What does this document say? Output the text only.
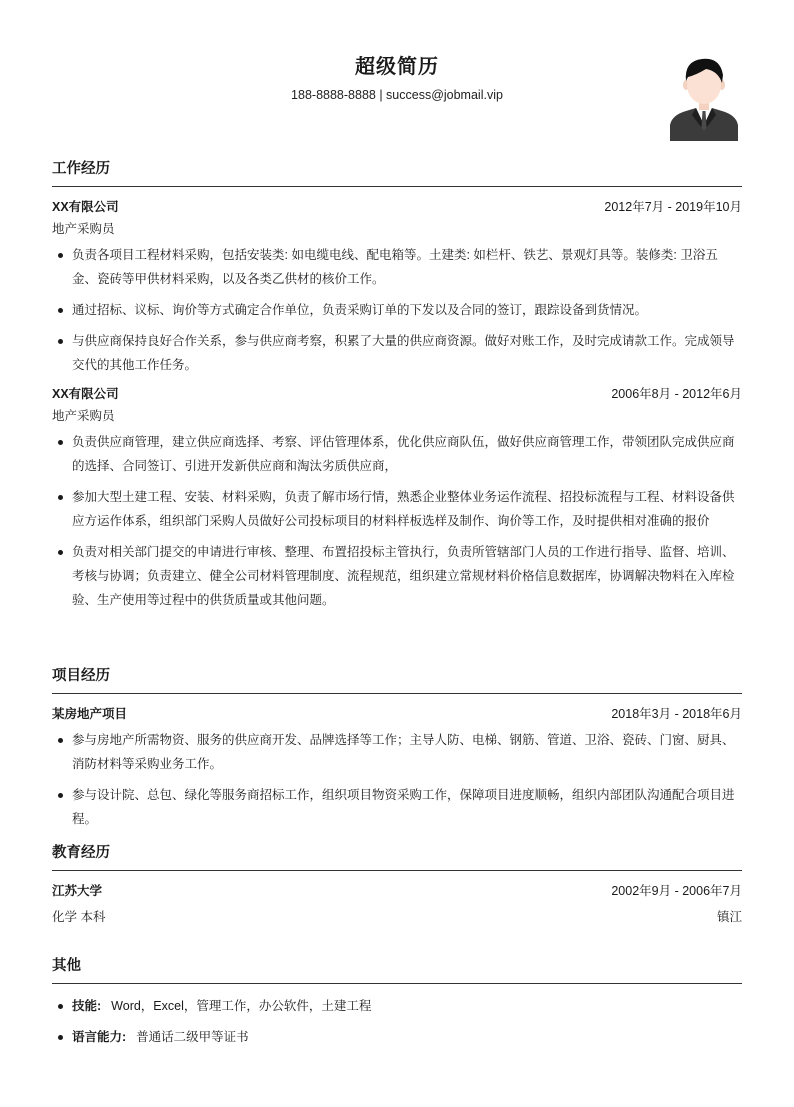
超级简历
188-8888-8888 | success@jobmail.vip
工作经历
XX有限公司	2012年7月 - 2019年10月
地产采购员
负责各项目工程材料采购，包括安装类: 如电缆电线、配电箱等。土建类: 如栏杆、铁艺、景观灯具等。装修类: 卫浴五金、瓷砖等甲供材料采购，以及各类乙供材的核价工作。
通过招标、议标、询价等方式确定合作单位，负责采购订单的下发以及合同的签订，跟踪设备到货情况。
与供应商保持良好合作关系，参与供应商考察，积累了大量的供应商资源。做好对账工作，及时完成请款工作。完成领导交代的其他工作任务。
XX有限公司	2006年8月 - 2012年6月
地产采购员
负责供应商管理，建立供应商选择、考察、评估管理体系，优化供应商队伍，做好供应商管理工作，带领团队完成供应商的选择、合同签订、引进开发新供应商和淘汰劣质供应商，
参加大型土建工程、安装、材料采购，负责了解市场行情，熟悉企业整体业务运作流程、招投标流程与工程、材料设备供应方运作体系，组织部门采购人员做好公司投标项目的材料样板选样及制作、询价等工作，及时提供相对准确的报价
负责对相关部门提交的申请进行审核、整理、布置招投标主管执行，负责所管辖部门人员的工作进行指导、监督、培训、考核与协调；负责建立、健全公司材料管理制度、流程规范，组织建立常规材料价格信息数据库，协调解决物料在入库检验、生产使用等过程中的供货质量或其他问题。
项目经历
某房地产项目	2018年3月 - 2018年6月
参与房地产所需物资、服务的供应商开发、品牌选择等工作；主导人防、电梯、钢筋、管道、卫浴、瓷砖、门窗、厨具、消防材料等采购业务工作。
参与设计院、总包、绿化等服务商招标工作，组织项目物资采购工作，保障项目进度顺畅，组织内部团队沟通配合项目进程。
教育经历
江苏大学	2002年9月 - 2006年7月
化学 本科	镇江
其他
技能: Word，Excel，管理工作，办公软件，土建工程
语言能力: 普通话二级甲等证书
